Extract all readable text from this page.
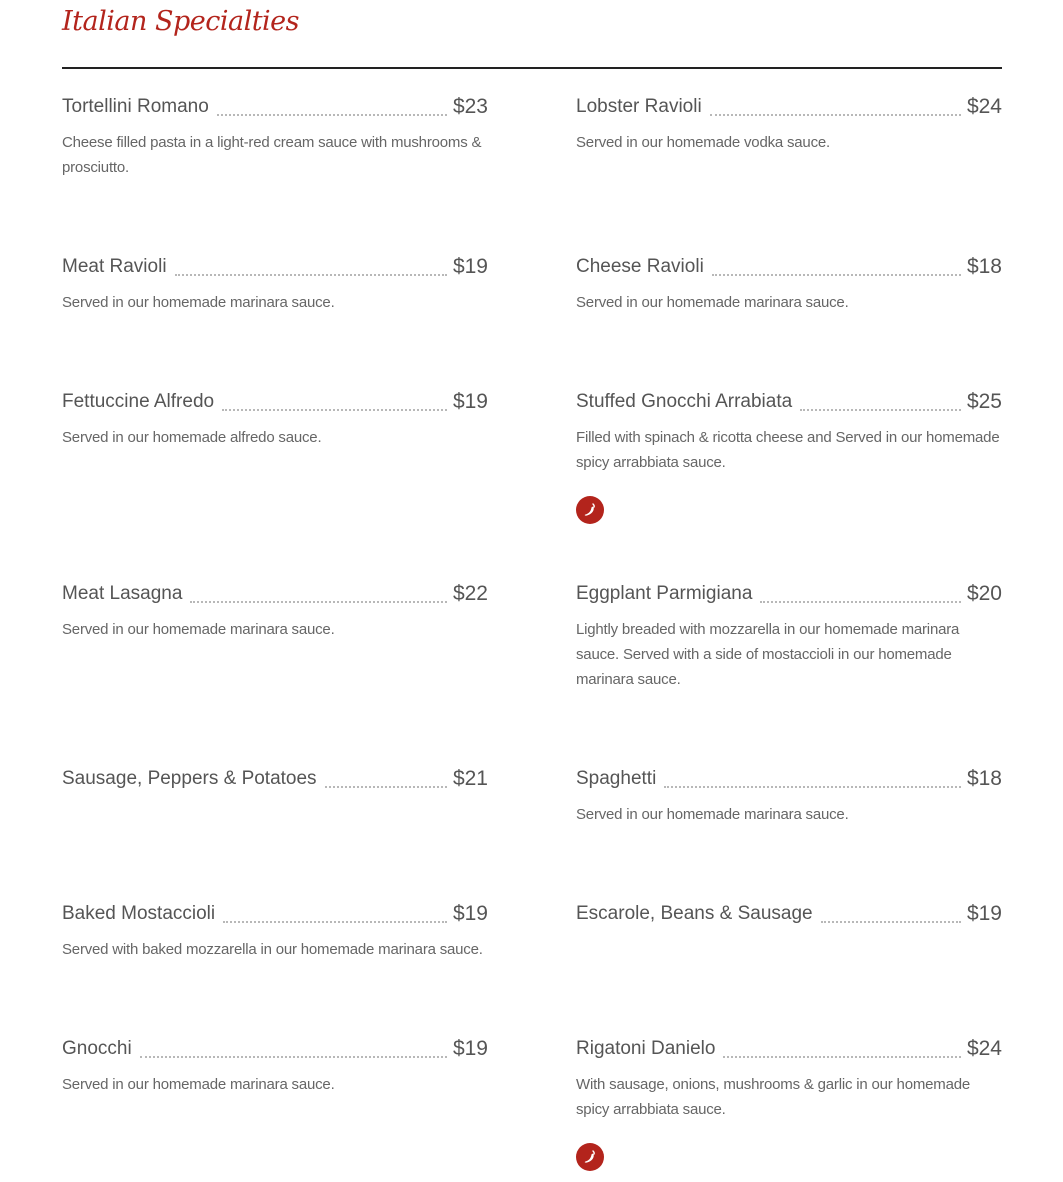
Italian Specialties
Tortellini Romano	$23
Cheese filled pasta in a light-red cream sauce with mushrooms & prosciutto.
Meat Ravioli	$19
Served in our homemade marinara sauce.
Fettuccine Alfredo	$19
Served in our homemade alfredo sauce.
Meat Lasagna	$22
Served in our homemade marinara sauce.
Sausage, Peppers & Potatoes	$21
Baked Mostaccioli	$19
Served with baked mozzarella in our homemade marinara sauce.
Gnocchi	$19
Served in our homemade marinara sauce.
Lobster Ravioli	$24
Served in our homemade vodka sauce.
Cheese Ravioli	$18
Served in our homemade marinara sauce.
Stuffed Gnocchi Arrabiata	$25
Filled with spinach & ricotta cheese and Served in our homemade spicy arrabbiata sauce.
Eggplant Parmigiana	$20
Lightly breaded with mozzarella in our homemade marinara sauce. Served with a side of mostaccioli in our homemade marinara sauce.
Spaghetti	$18
Served in our homemade marinara sauce.
Escarole, Beans & Sausage	$19
Rigatoni Danielo	$24
With sausage, onions, mushrooms & garlic in our homemade spicy arrabbiata sauce.
